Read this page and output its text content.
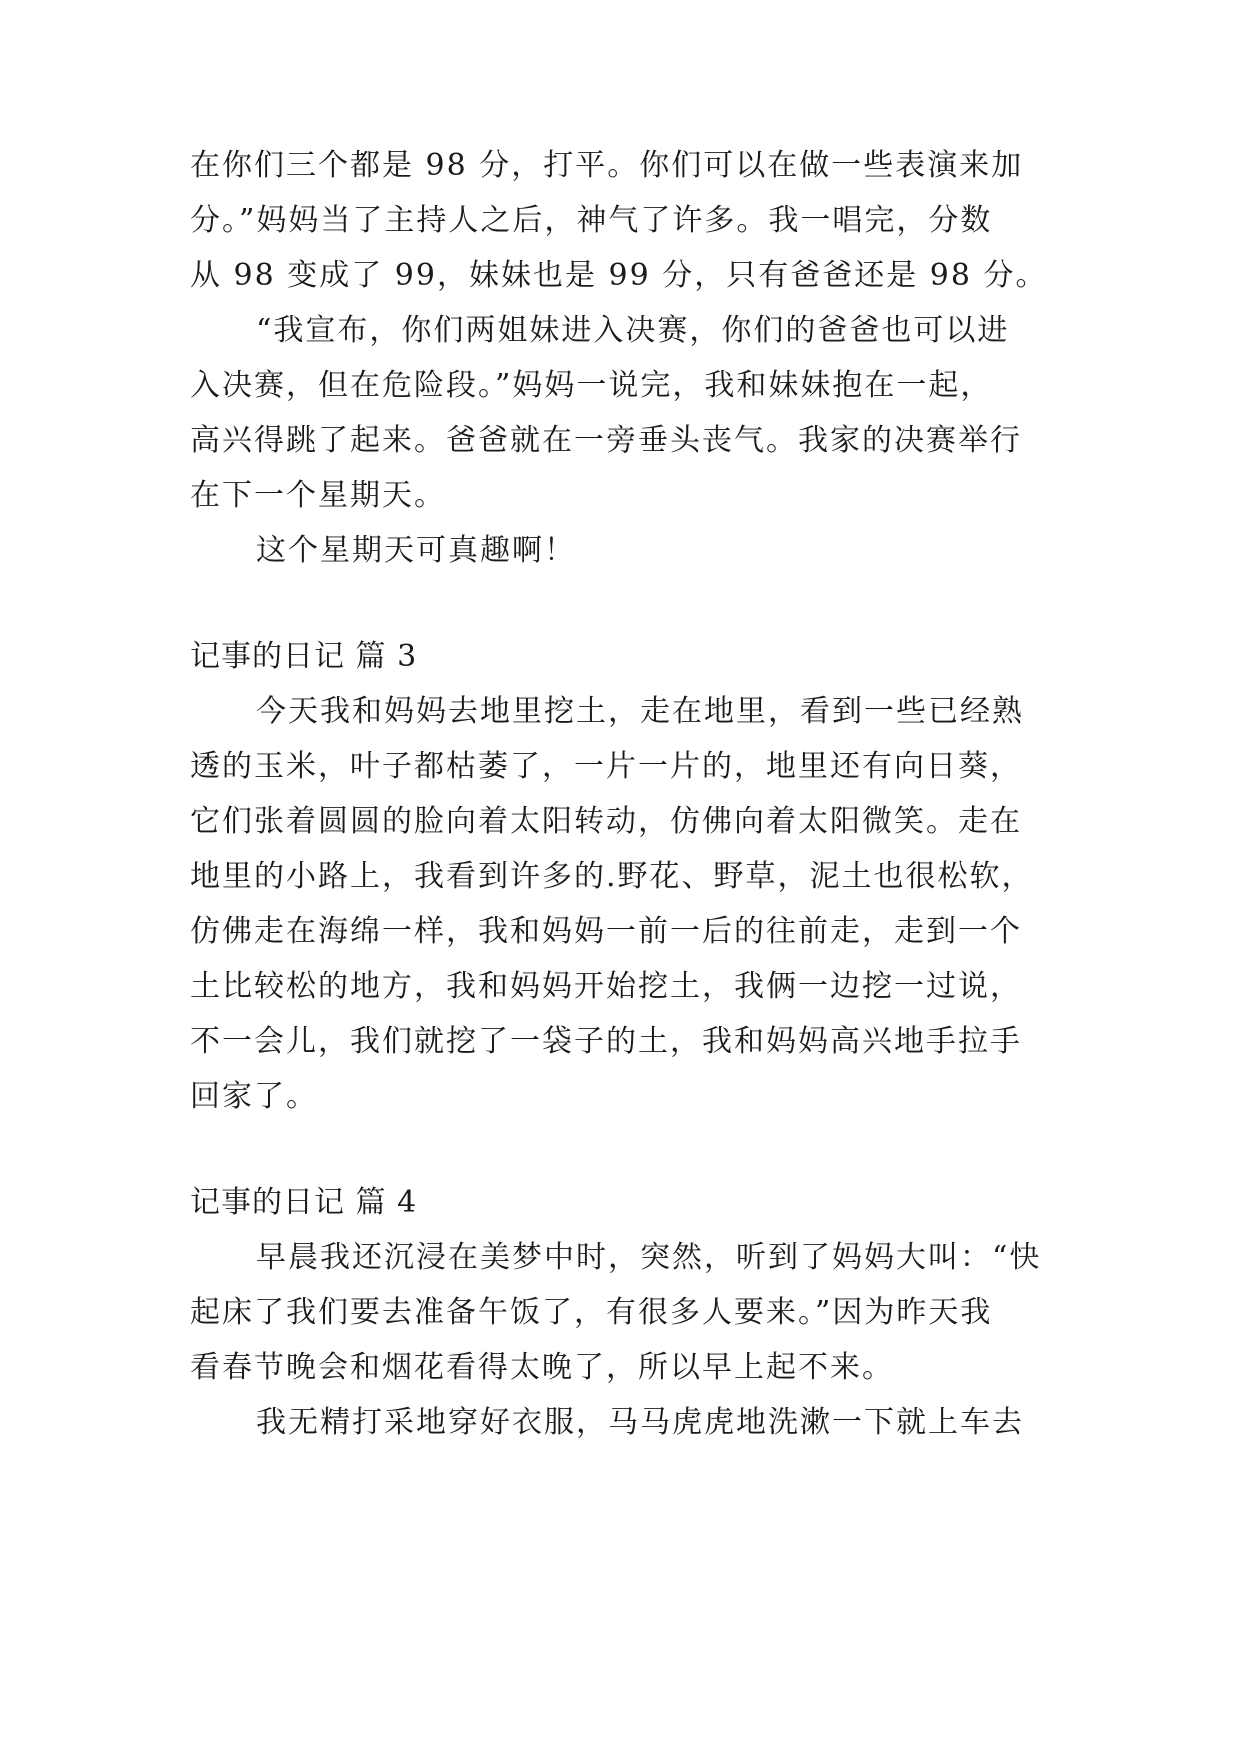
在你们三个都是 98 分，打平。你们可以在做一些表演来加
分。”妈妈当了主持人之后，神气了许多。我一唱完，分数
从 98 变成了 99，妹妹也是 99 分，只有爸爸还是 98 分。
“我宣布，你们两姐妹进入决赛，你们的爸爸也可以进
入决赛，但在危险段。”妈妈一说完，我和妹妹抱在一起，
高兴得跳了起来。爸爸就在一旁垂头丧气。我家的决赛举行
在下一个星期天。
这个星期天可真趣啊！
记事的日记 篇 3
今天我和妈妈去地里挖土，走在地里，看到一些已经熟
透的玉米，叶子都枯萎了，一片一片的，地里还有向日葵，
它们张着圆圆的脸向着太阳转动，仿佛向着太阳微笑。走在
地里的小路上，我看到许多的.野花、野草，泥土也很松软，
仿佛走在海绵一样，我和妈妈一前一后的往前走，走到一个
土比较松的地方，我和妈妈开始挖土，我俩一边挖一过说，
不一会儿，我们就挖了一袋子的土，我和妈妈高兴地手拉手
回家了。
记事的日记 篇 4
早晨我还沉浸在美梦中时，突然，听到了妈妈大叫：“快
起床了我们要去准备午饭了，有很多人要来。”因为昨天我
看春节晚会和烟花看得太晚了，所以早上起不来。
我无精打采地穿好衣服，马马虎虎地洗漱一下就上车去
